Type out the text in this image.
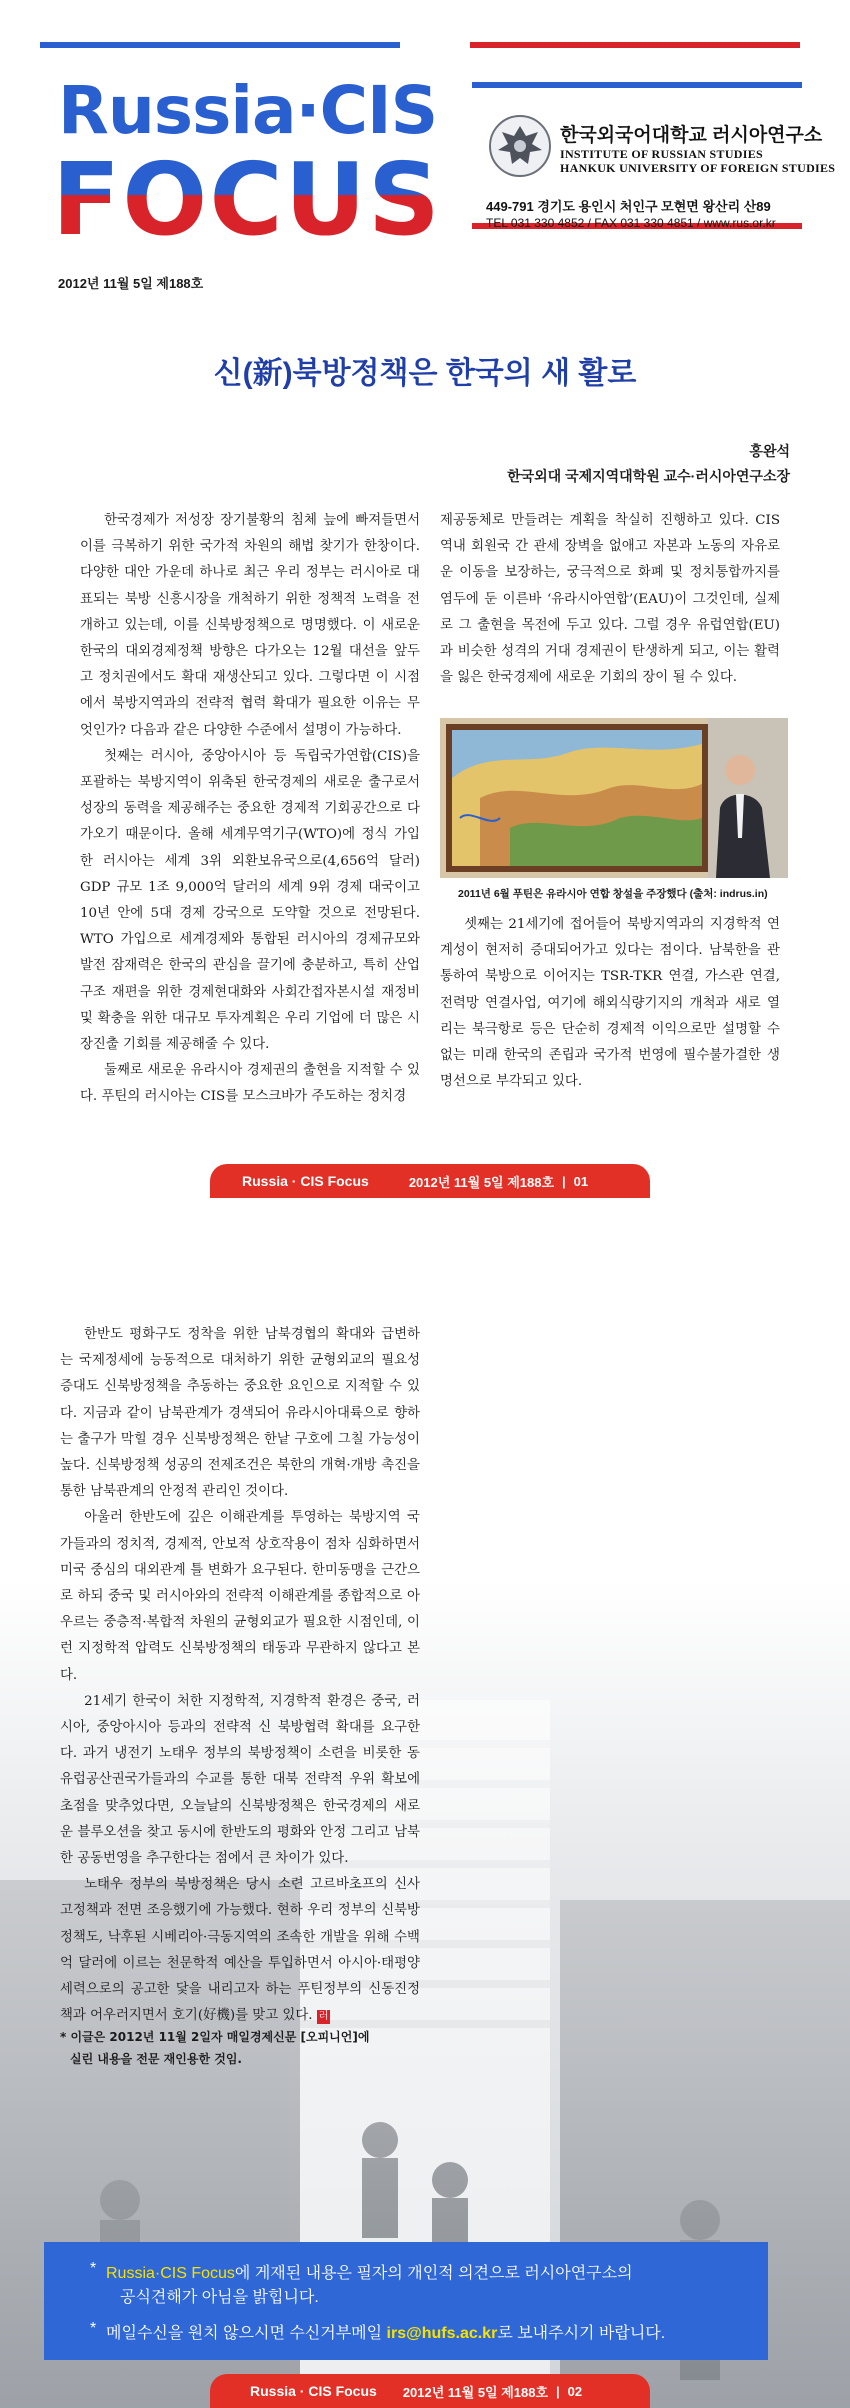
Russia·CIS
FOCUS
한국외국어대학교 러시아연구소
INSTITUTE OF RUSSIAN STUDIES
HANKUK UNIVERSITY OF FOREIGN STUDIES
449-791 경기도 용인시 처인구 모현면 왕산리 산89
TEL 031 330 4852 / FAX 031 330 4851 / www.rus.or.kr
2012년 11월 5일 제188호
신(新)북방정책은 한국의 새 활로
홍완석
한국외대 국제지역대학원 교수·러시아연구소장

한국경제가 저성장 장기불황의 침체 늪에 빠져들면서 이를 극복하기 위한 국가적 차원의 해법 찾기가 한창이다. 다양한 대안 가운데 하나로 최근 우리 정부는 러시아로 대표되는 북방 신흥시장을 개척하기 위한 정책적 노력을 전개하고 있는데, 이를 신북방정책으로 명명했다. 이 새로운 한국의 대외경제정책 방향은 다가오는 12월 대선을 앞두고 정치권에서도 확대 재생산되고 있다. 그렇다면 이 시점에서 북방지역과의 전략적 협력 확대가 필요한 이유는 무엇인가? 다음과 같은 다양한 수준에서 설명이 가능하다.

첫째는 러시아, 중앙아시아 등 독립국가연합(CIS)을 포괄하는 북방지역이 위축된 한국경제의 새로운 출구로서 성장의 동력을 제공해주는 중요한 경제적 기회공간으로 다가오기 때문이다. 올해 세계무역기구(WTO)에 정식 가입한 러시아는 세계 3위 외환보유국으로(4,656억 달러) GDP 규모 1조 9,000억 달러의 세계 9위 경제 대국이고 10년 안에 5대 경제 강국으로 도약할 것으로 전망된다. WTO 가입으로 세계경제와 통합된 러시아의 경제규모와 발전 잠재력은 한국의 관심을 끌기에 충분하고, 특히 산업구조 재편을 위한 경제현대화와 사회간접자본시설 재정비 및 확충을 위한 대규모 투자계획은 우리 기업에 더 많은 시장진출 기회를 제공해줄 수 있다.

둘째로 새로운 유라시아 경제권의 출현을 지적할 수 있다. 푸틴의 러시아는 CIS를 모스크바가 주도하는 정치경

제공동체로 만들려는 계획을 착실히 진행하고 있다. CIS 역내 회원국 간 관세 장벽을 없애고 자본과 노동의 자유로운 이동을 보장하는, 궁극적으로 화폐 및 정치통합까지를 염두에 둔 이른바 ‘유라시아연합’(EAU)이 그것인데, 실제로 그 출현을 목전에 두고 있다. 그럴 경우 유럽연합(EU)과 비슷한 성격의 거대 경제권이 탄생하게 되고, 이는 활력을 잃은 한국경제에 새로운 기회의 장이 될 수 있다.

2011년 6월 푸틴은 유라시아 연합 창설을 주장했다 (출처: indrus.in)

셋째는 21세기에 접어들어 북방지역과의 지경학적 연계성이 현저히 증대되어가고 있다는 점이다. 남북한을 관통하여 북방으로 이어지는 TSR-TKR 연결, 가스관 연결, 전력망 연결사업, 여기에 해외식량기지의 개척과 새로 열리는 북극항로 등은 단순히 경제적 이익으로만 설명할 수 없는 미래 한국의 존립과 국가적 번영에 필수불가결한 생명선으로 부각되고 있다.

Russia · CIS Focus	2012년 11월 5일 제188호 | 01

한반도 평화구도 정착을 위한 남북경협의 확대와 급변하는 국제정세에 능동적으로 대처하기 위한 균형외교의 필요성 증대도 신북방정책을 추동하는 중요한 요인으로 지적할 수 있다. 지금과 같이 남북관계가 경색되어 유라시아대륙으로 향하는 출구가 막힐 경우 신북방정책은 한낱 구호에 그칠 가능성이 높다. 신북방정책 성공의 전제조건은 북한의 개혁·개방 촉진을 통한 남북관계의 안정적 관리인 것이다.

아울러 한반도에 깊은 이해관계를 투영하는 북방지역 국가들과의 정치적, 경제적, 안보적 상호작용이 점차 심화하면서 미국 중심의 대외관계 틀 변화가 요구된다. 한미동맹을 근간으로 하되 중국 및 러시아와의 전략적 이해관계를 종합적으로 아우르는 중층적·복합적 차원의 균형외교가 필요한 시점인데, 이런 지정학적 압력도 신북방정책의 태동과 무관하지 않다고 본다.

21세기 한국이 처한 지정학적, 지경학적 환경은 중국, 러시아, 중앙아시아 등과의 전략적 신 북방협력 확대를 요구한다. 과거 냉전기 노태우 정부의 북방정책이 소련을 비롯한 동유럽공산권국가들과의 수교를 통한 대북 전략적 우위 확보에 초점을 맞추었다면, 오늘날의 신북방정책은 한국경제의 새로운 블루오션을 찾고 동시에 한반도의 평화와 안정 그리고 남북한 공동번영을 추구한다는 점에서 큰 차이가 있다.

노태우 정부의 북방정책은 당시 소련 고르바초프의 신사고정책과 전면 조응했기에 가능했다. 현하 우리 정부의 신북방정책도, 낙후된 시베리아·극동지역의 조속한 개발을 위해 수백억 달러에 이르는 천문학적 예산을 투입하면서 아시아·태평양세력으로의 공고한 닻을 내리고자 하는 푸틴정부의 신동진정책과 어우러지면서 호기(好機)를 맞고 있다. 러

* 이글은 2012년 11월 2일자 매일경제신문 [오피니언]에
실린 내용을 전문 재인용한 것임.
* Russia·CIS Focus에 게재된 내용은 필자의 개인적 의견으로 러시아연구소의
공식견해가 아님을 밝힙니다.
* 메일수신을 원치 않으시면 수신거부메일 irs@hufs.ac.kr로 보내주시기 바랍니다.
Russia · CIS Focus 2012년 11월 5일 제188호 | 02
